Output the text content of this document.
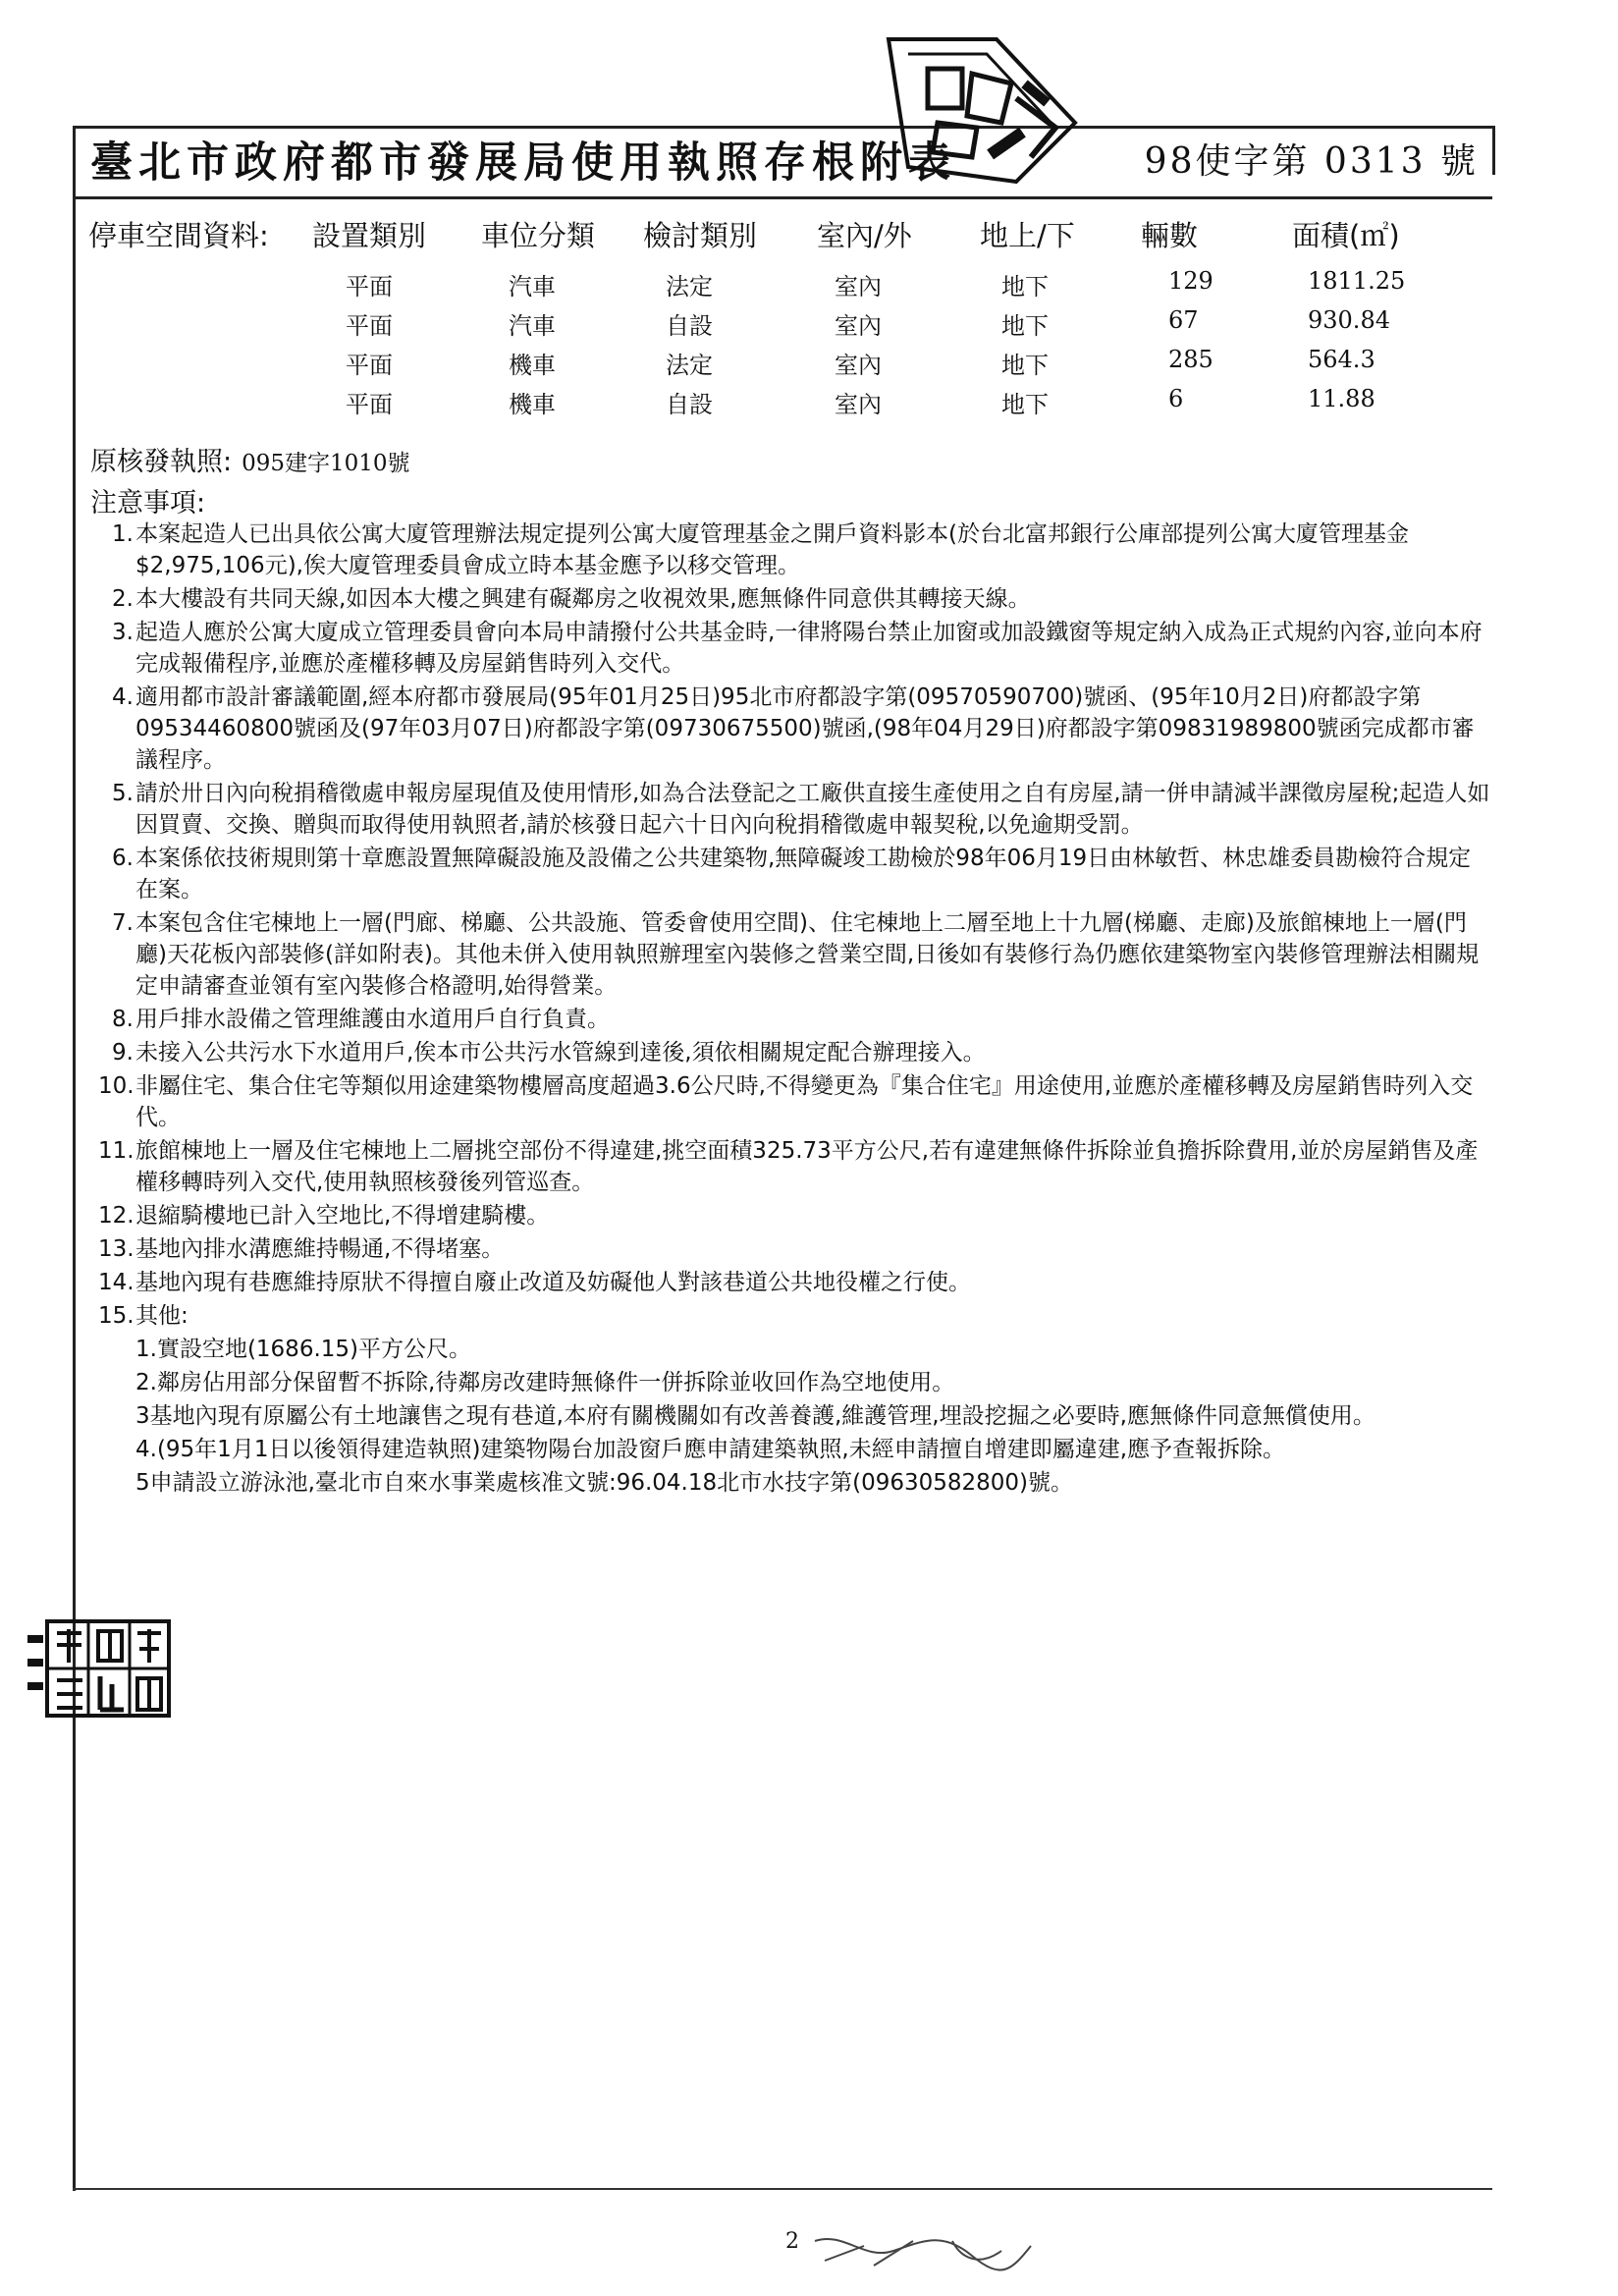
臺北市政府都市發展局使用執照存根附表	98使字第 0313 號
停車空間資料: 設置類別 車位分類 檢討類別 室內/外 地上/下 輛數	面積(㎡)
平面	汽車	法定	室內	地下	129	1811.25
平面	汽車	自設	室內	地下	67	930.84
平面	機車	法定	室內	地下	285	564.3
平面	機車	自設	室內	地下	6	11.88
原核發執照: 095建字1010號
注意事項:
1. 本案起造人已出具依公寓大廈管理辦法規定提列公寓大廈管理基金之開戶資料影本(於台北富邦銀行公庫部提列公寓大廈管理基金$2,975,106元),俟大廈管理委員會成立時本基金應予以移交管理。
2. 本大樓設有共同天線,如因本大樓之興建有礙鄰房之收視效果,應無條件同意供其轉接天線。
3. 起造人應於公寓大廈成立管理委員會向本局申請撥付公共基金時,一律將陽台禁止加窗或加設鐵窗等規定納入成為正式規約內容,並向本府完成報備程序,並應於產權移轉及房屋銷售時列入交代。
4. 適用都市設計審議範圍,經本府都市發展局(95年01月25日)95北市府都設字第(09570590700)號函、(95年10月2日)府都設字第09534460800號函及(97年03月07日)府都設字第(09730675500)號函,(98年04月29日)府都設字第09831989800號函完成都市審議程序。
5. 請於卅日內向稅捐稽徵處申報房屋現值及使用情形,如為合法登記之工廠供直接生產使用之自有房屋,請一併申請減半課徵房屋稅;起造人如因買賣、交換、贈與而取得使用執照者,請於核發日起六十日內向稅捐稽徵處申報契稅,以免逾期受罰。
6. 本案係依技術規則第十章應設置無障礙設施及設備之公共建築物,無障礙竣工勘檢於98年06月19日由林敏哲、林忠雄委員勘檢符合規定在案。
7. 本案包含住宅棟地上一層(門廊、梯廳、公共設施、管委會使用空間)、住宅棟地上二層至地上十九層(梯廳、走廊)及旅館棟地上一層(門廳)天花板內部裝修(詳如附表)。其他未併入使用執照辦理室內裝修之營業空間,日後如有裝修行為仍應依建築物室內裝修管理辦法相關規定申請審查並領有室內裝修合格證明,始得營業。
8. 用戶排水設備之管理維護由水道用戶自行負責。
9. 未接入公共污水下水道用戶,俟本市公共污水管線到達後,須依相關規定配合辦理接入。
10. 非屬住宅、集合住宅等類似用途建築物樓層高度超過3.6公尺時,不得變更為『集合住宅』用途使用,並應於產權移轉及房屋銷售時列入交代。
11. 旅館棟地上一層及住宅棟地上二層挑空部份不得違建,挑空面積325.73平方公尺,若有違建無條件拆除並負擔拆除費用,並於房屋銷售及產權移轉時列入交代,使用執照核發後列管巡查。
12. 退縮騎樓地已計入空地比,不得增建騎樓。
13. 基地內排水溝應維持暢通,不得堵塞。
14. 基地內現有巷應維持原狀不得擅自廢止改道及妨礙他人對該巷道公共地役權之行使。
15. 其他:
1.實設空地(1686.15)平方公尺。
2.鄰房佔用部分保留暫不拆除,待鄰房改建時無條件一併拆除並收回作為空地使用。
3基地內現有原屬公有土地讓售之現有巷道,本府有關機關如有改善養護,維護管理,埋設挖掘之必要時,應無條件同意無償使用。
4.(95年1月1日以後領得建造執照)建築物陽台加設窗戶應申請建築執照,未經申請擅自增建即屬違建,應予查報拆除。
5申請設立游泳池,臺北市自來水事業處核准文號:96.04.18北市水技字第(09630582800)號。
2
